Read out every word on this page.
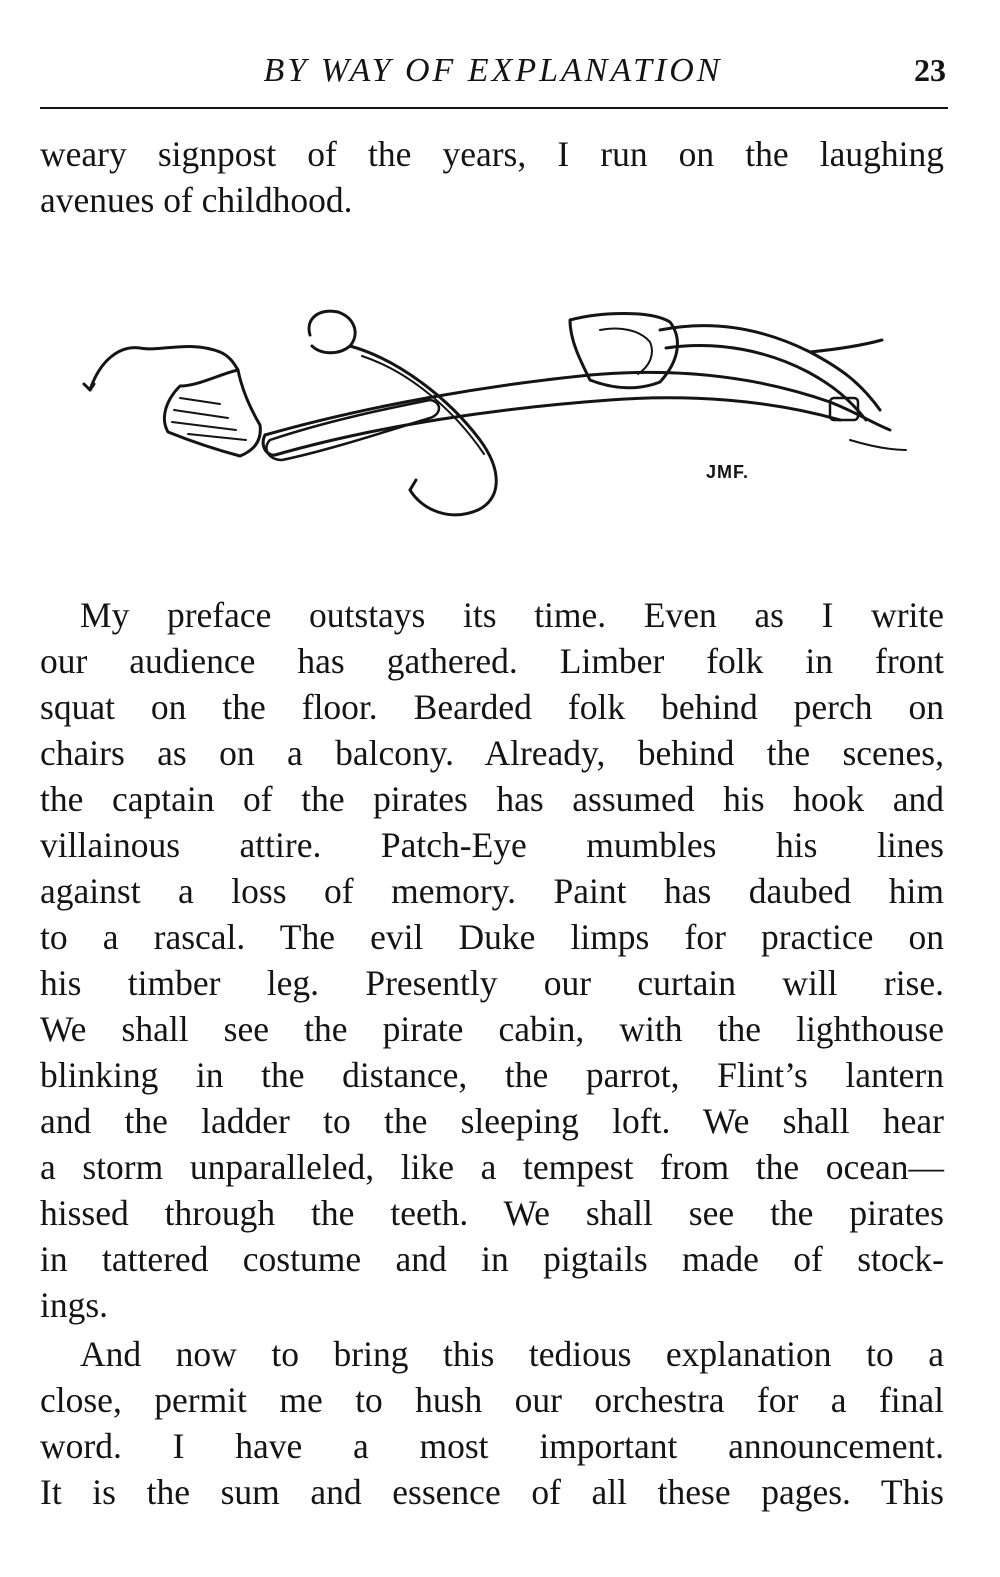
BY WAY OF EXPLANATION	23

weary signpost of the years, I run on the laughing
avenues of childhood.

JMF.

My preface outstays its time. Even as I write
our audience has gathered. Limber folk in front
squat on the floor. Bearded folk behind perch on
chairs as on a balcony. Already, behind the scenes,
the captain of the pirates has assumed his hook and
villainous attire. Patch-Eye mumbles his lines
against a loss of memory. Paint has daubed him
to a rascal. The evil Duke limps for practice on
his timber leg. Presently our curtain will rise.
We shall see the pirate cabin, with the lighthouse
blinking in the distance, the parrot, Flint’s lantern
and the ladder to the sleeping loft. We shall hear
a storm unparalleled, like a tempest from the ocean—
hissed through the teeth. We shall see the pirates
in tattered costume and in pigtails made of stock-
ings.

And now to bring this tedious explanation to a
close, permit me to hush our orchestra for a final
word. I have a most important announcement.
It is the sum and essence of all these pages. This
